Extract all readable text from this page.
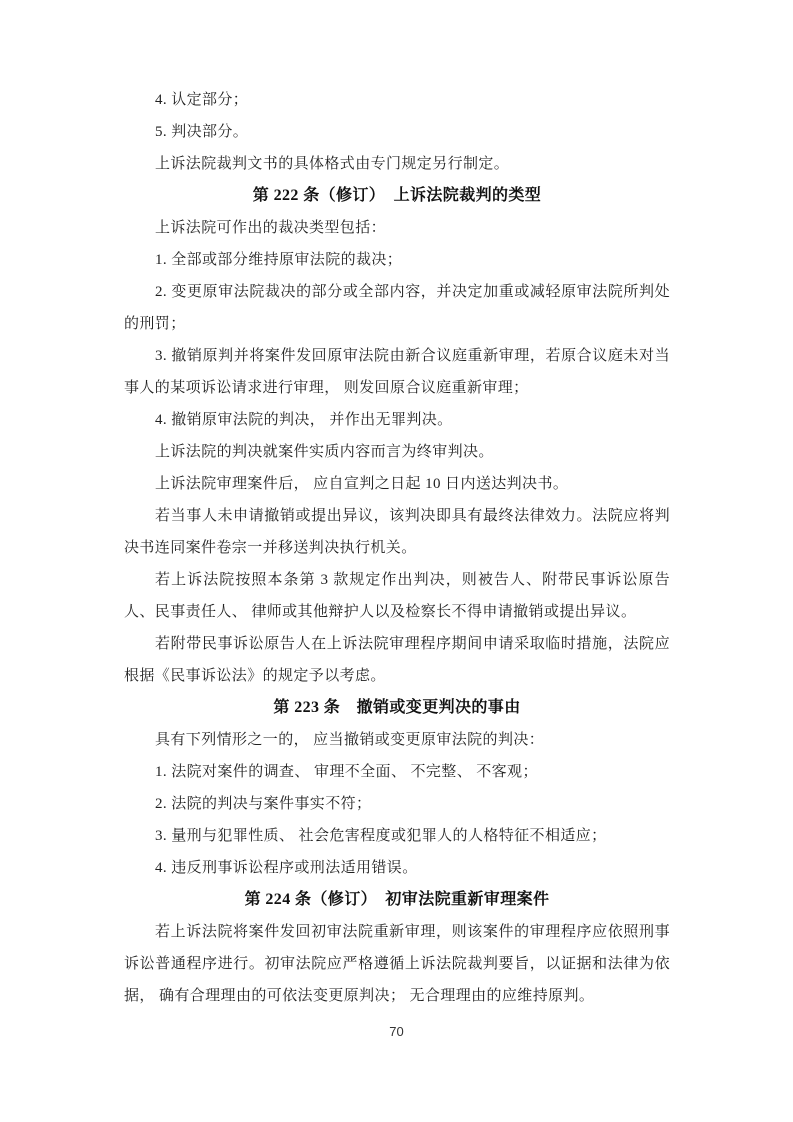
4. 认定部分；

5. 判决部分。

上诉法院裁判文书的具体格式由专门规定另行制定。

第 222 条（修订）　上诉法院裁判的类型

上诉法院可作出的裁决类型包括：

1. 全部或部分维持原审法院的裁决；

2. 变更原审法院裁决的部分或全部内容，并决定加重或减轻原审法院所判处的刑罚；

3. 撤销原判并将案件发回原审法院由新合议庭重新审理，若原合议庭未对当事人的某项诉讼请求进行审理， 则发回原合议庭重新审理；

4. 撤销原审法院的判决， 并作出无罪判决。

上诉法院的判决就案件实质内容而言为终审判决。

上诉法院审理案件后， 应自宣判之日起 10 日内送达判决书。

若当事人未申请撤销或提出异议，该判决即具有最终法律效力。法院应将判决书连同案件卷宗一并移送判决执行机关。

若上诉法院按照本条第 3 款规定作出判决，则被告人、附带民事诉讼原告人、民事责任人、 律师或其他辩护人以及检察长不得申请撤销或提出异议。

若附带民事诉讼原告人在上诉法院审理程序期间申请采取临时措施，法院应根据《民事诉讼法》的规定予以考虑。

第 223 条　撤销或变更判决的事由

具有下列情形之一的， 应当撤销或变更原审法院的判决：

1. 法院对案件的调查、 审理不全面、 不完整、 不客观；

2. 法院的判决与案件事实不符；

3. 量刑与犯罪性质、 社会危害程度或犯罪人的人格特征不相适应；

4. 违反刑事诉讼程序或刑法适用错误。

第 224 条（修订）　初审法院重新审理案件

若上诉法院将案件发回初审法院重新审理，则该案件的审理程序应依照刑事诉讼普通程序进行。初审法院应严格遵循上诉法院裁判要旨，以证据和法律为依据， 确有合理理由的可依法变更原判决； 无合理理由的应维持原判。

70
